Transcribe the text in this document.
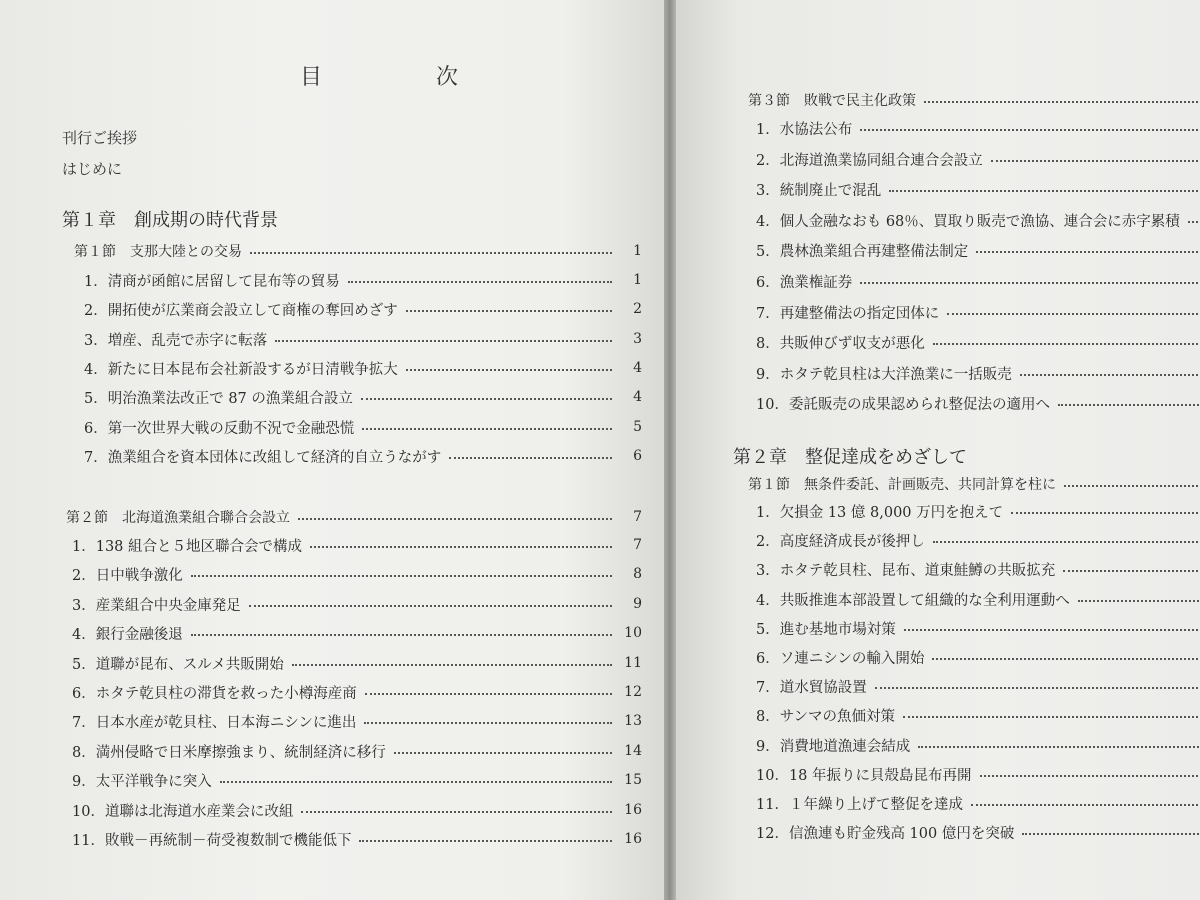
目　次
刊行ご挨拶
はじめに
第１章　創成期の時代背景
第１節　支那大陸との交易	1
1．清商が函館に居留して昆布等の貿易	1
2．開拓使が広業商会設立して商権の奪回めざす	2
3．増産、乱売で赤字に転落	3
4．新たに日本昆布会社新設するが日清戦争拡大	4
5．明治漁業法改正で 87 の漁業組合設立	4
6．第一次世界大戦の反動不況で金融恐慌	5
7．漁業組合を資本団体に改組して経済的自立うながす	6
第２節　北海道漁業組合聯合会設立	7
1．138 組合と５地区聯合会で構成	7
2．日中戦争激化	8
3．産業組合中央金庫発足	9
4．銀行金融後退	10
5．道聯が昆布、スルメ共販開始	11
6．ホタテ乾貝柱の滞貨を救った小樽海産商	12
7．日本水産が乾貝柱、日本海ニシンに進出	13
8．満州侵略で日米摩擦強まり、統制経済に移行	14
9．太平洋戦争に突入	15
10．道聯は北海道水産業会に改組	16
11．敗戦－再統制－荷受複数制で機能低下	16
第３節　敗戦で民主化政策
1．水協法公布
2．北海道漁業協同組合連合会設立
3．統制廃止で混乱
4．個人金融なおも 68％、買取り販売で漁協、連合会に赤字累積
5．農林漁業組合再建整備法制定
6．漁業権証券
7．再建整備法の指定団体に
8．共販伸びず収支が悪化
9．ホタテ乾貝柱は大洋漁業に一括販売
10．委託販売の成果認められ整促法の適用へ
第２章　整促達成をめざして
第１節　無条件委託、計画販売、共同計算を柱に
1．欠損金 13 億 8,000 万円を抱えて
2．高度経済成長が後押し
3．ホタテ乾貝柱、昆布、道東鮭鱒の共販拡充
4．共販推進本部設置して組織的な全利用運動へ
5．進む基地市場対策
6．ソ連ニシンの輸入開始
7．道水貿協設置
8．サンマの魚価対策
9．消費地道漁連会結成
10．18 年振りに貝殻島昆布再開
11．１年繰り上げて整促を達成
12．信漁連も貯金残高 100 億円を突破
